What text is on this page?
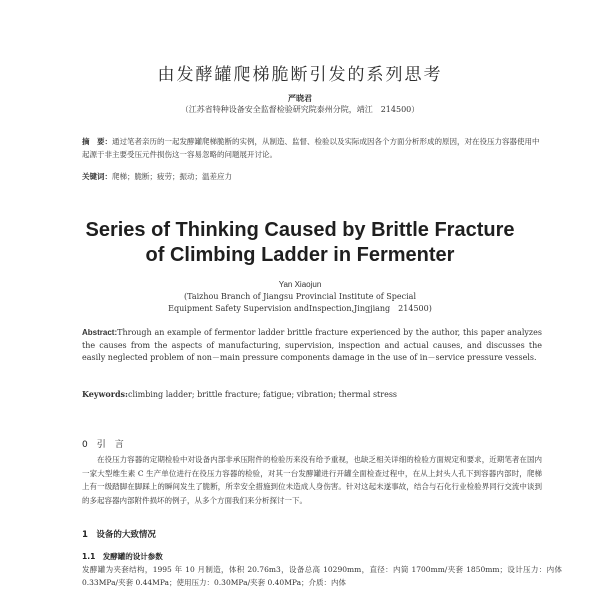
由发酵罐爬梯脆断引发的系列思考
严晓君
（江苏省特种设备安全监督检验研究院泰州分院，靖江　214500）
摘　要：通过笔者亲历的一起发酵罐爬梯脆断的实例，从制造、监督、检验以及实际成因各个方面分析形成的原因，对在役压力容器使用中起源于非主要受压元件损伤这一容易忽略的问题展开讨论。
关键词：爬梯；脆断；疲劳；振动；温差应力
Series of Thinking Caused by Brittle Fracture
of Climbing Ladder in Fermenter
Yan Xiaojun
(Taizhou Branch of Jiangsu Provincial Institute of Special
Equipment Safety Supervision andInspection,Jingjiang　214500)
Abstract:Through an example of fermentor ladder brittle fracture experienced by the author, this paper analyzes the causes from the aspects of manufacturing, supervision, inspection and actual causes, and discusses the easily neglected problem of non－main pressure components damage in the use of in－service pressure vessels.
Keywords:climbing ladder; brittle fracture; fatigue; vibration; thermal stress
0　引　言
在役压力容器的定期检验中对设备内部非承压附件的检验历来没有给予重视，也缺乏相关详细的检验方面规定和要求，近期笔者在国内一家大型维生素 C 生产单位进行在役压力容器的检验，对其一台发酵罐进行开罐全面检查过程中，在从上封头人孔下到容器内部时，爬梯上有一级踏脚在脚踩上的瞬间发生了脆断，所幸安全措施到位未造成人身伤害。针对这起未遂事故，结合与石化行业检验界同行交流中谈到的多起容器内部附件损坏的例子，从多个方面我们来分析探讨一下。
1　设备的大致情况
1.1　发酵罐的设计参数
发酵罐为夹套结构，1995 年 10 月制造，体积 20.76m3，设备总高 10290mm，直径：内筒 1700mm/夹套 1850mm；设计压力：内体 0.33MPa/夹套 0.44MPa；使用压力：0.30MPa/夹套 0.40MPa；介质：内体
